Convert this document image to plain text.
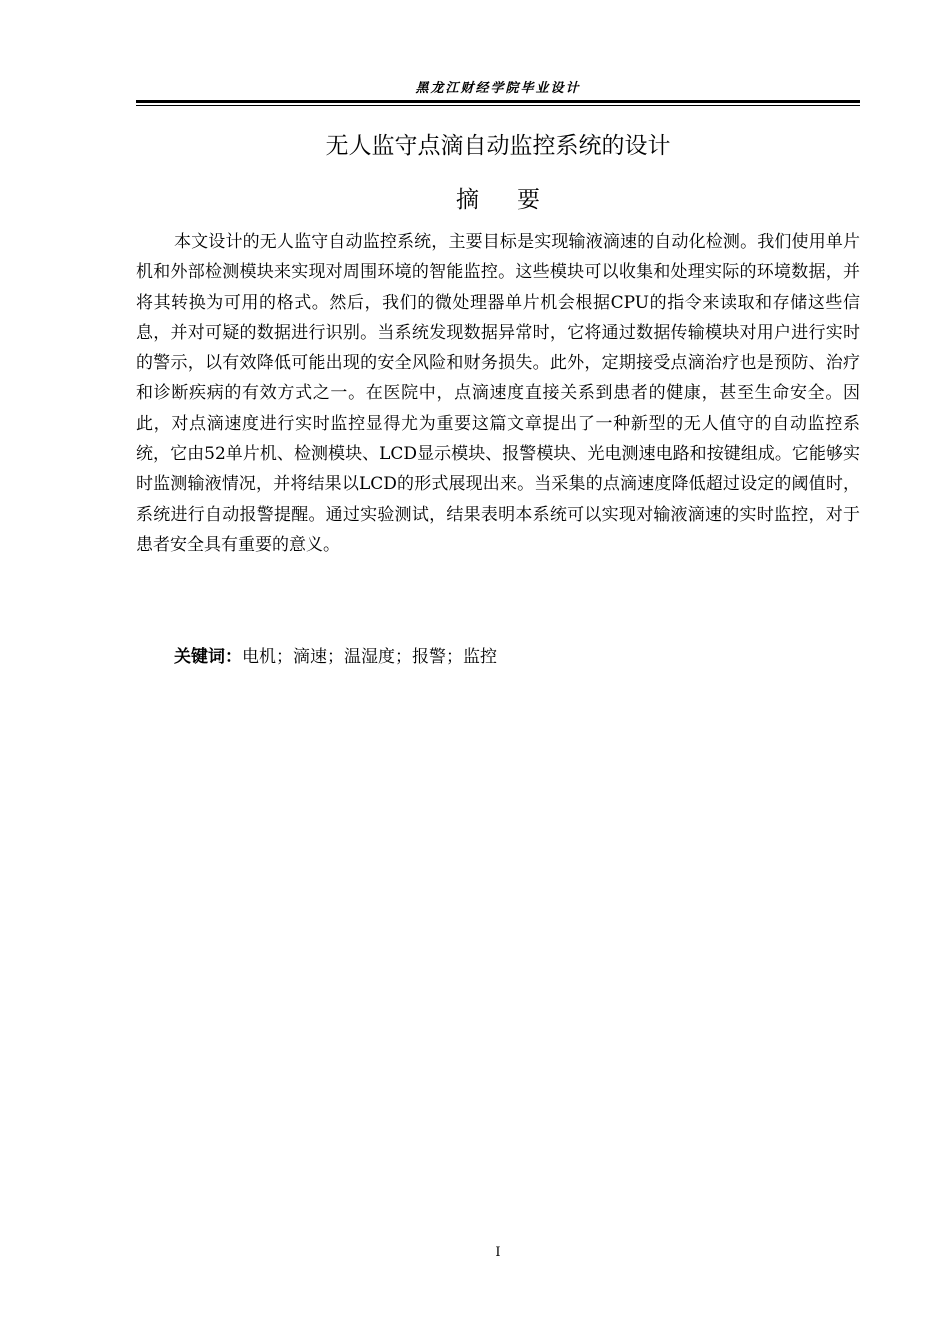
黑龙江财经学院毕业设计
无人监守点滴自动监控系统的设计
摘要

本文设计的无人监守自动监控系统，主要目标是实现输液滴速的自动化检测。我们使用单片机和外部检测模块来实现对周围环境的智能监控。这些模块可以收集和处理实际的环境数据，并将其转换为可用的格式。然后，我们的微处理器单片机会根据CPU的指令来读取和存储这些信息，并对可疑的数据进行识别。当系统发现数据异常时，它将通过数据传输模块对用户进行实时的警示，以有效降低可能出现的安全风险和财务损失。此外，定期接受点滴治疗也是预防、治疗和诊断疾病的有效方式之一。在医院中，点滴速度直接关系到患者的健康，甚至生命安全。因此，对点滴速度进行实时监控显得尤为重要这篇文章提出了一种新型的无人值守的自动监控系统，它由52单片机、检测模块、LCD显示模块、报警模块、光电测速电路和按键组成。它能够实时监测输液情况，并将结果以LCD的形式展现出来。当采集的点滴速度降低超过设定的阈值时，系统进行自动报警提醒。通过实验测试，结果表明本系统可以实现对输液滴速的实时监控，对于患者安全具有重要的意义。

关键词：电机；滴速；温湿度；报警；监控
I
